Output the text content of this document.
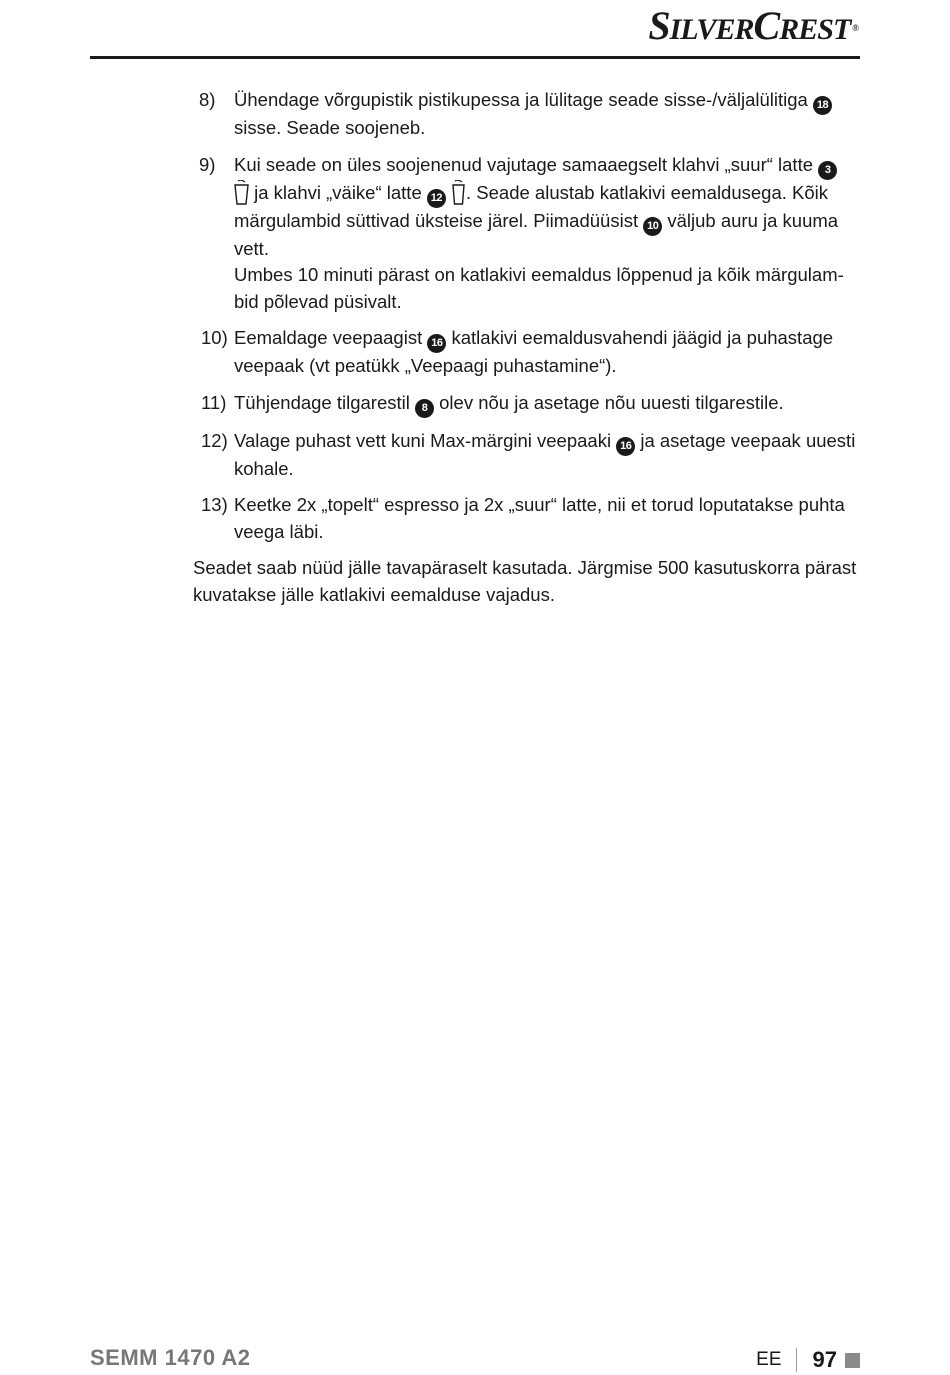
SILVERCREST ®
8) Ühendage võrgupistik pistikupessa ja lülitage seade sisse-/väljalülitiga 18 sisse. Seade soojeneb.

9) Kui seade on üles soojenenud vajutage samaaegselt klahvi „suur“ latte 3

ja klahvi „väike“ latte 12 . Seade alustab katlakivi eemaldusega. Kõik märgulambid süttivad üksteise järel. Piimadüüsist 10 väljub auru ja kuuma vett.

Umbes 10 minuti pärast on katlakivi eemaldus lõppenud ja kõik märgulam-bid põlevad püsivalt.

10) Eemaldage veepaagist 16 katlakivi eemaldusvahendi jäägid ja puhastage veepaak (vt peatükk „Veepaagi puhastamine“).

11) Tühjendage tilgarestil 8 olev nõu ja asetage nõu uuesti tilgarestile.

12) Valage puhast vett kuni Max-märgini veepaaki 16 ja asetage veepaak uuesti kohale.

13) Keetke 2x „topelt“ espresso ja 2x „suur“ latte, nii et torud loputatakse puhta veega läbi.

Seadet saab nüüd jälle tavapäraselt kasutada. Järgmise 500 kasutuskorra pärast kuvatakse jälle katlakivi eemalduse vajadus.

SEMM 1470 A2	EE 97
